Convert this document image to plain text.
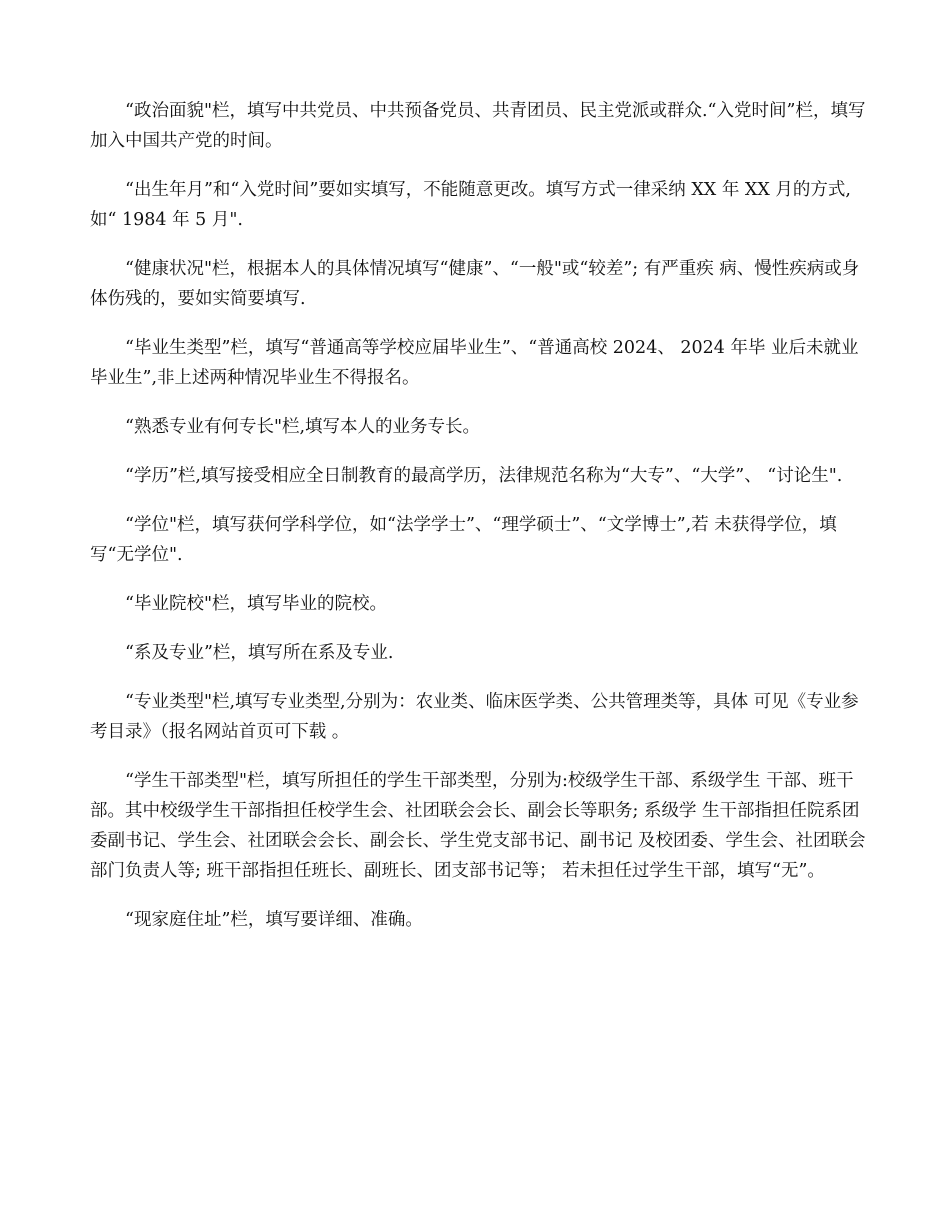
“政治面貌"栏，填写中共党员、中共预备党员、共青团员、民主党派或群众.“入党时间”栏，填写加入中国共产党的时间。

“出生年月”和“入党时间”要如实填写，不能随意更改。填写方式一律采纳 XX 年 XX 月的方式,如“ 1984 年 5 月".

“健康状况"栏，根据本人的具体情况填写“健康”、“一般"或“较差”; 有严重疾 病、慢性疾病或身体伤残的，要如实简要填写.

“毕业生类型”栏，填写“普通高等学校应届毕业生”、“普通高校 2024、 2024 年毕 业后未就业毕业生”,非上述两种情况毕业生不得报名。

“熟悉专业有何专长"栏,填写本人的业务专长。

“学历”栏,填写接受相应全日制教育的最高学历，法律规范名称为“大专”、“大学”、 “讨论生".

“学位"栏，填写获何学科学位，如“法学学士”、“理学硕士”、“文学博士”,若 未获得学位，填写“无学位".

“毕业院校"栏，填写毕业的院校。

“系及专业”栏，填写所在系及专业.

“专业类型"栏,填写专业类型,分别为：农业类、临床医学类、公共管理类等，具体 可见《专业参考目录》（报名网站首页可下载 。

“学生干部类型"栏，填写所担任的学生干部类型，分别为:校级学生干部、系级学生 干部、班干部。其中校级学生干部指担任校学生会、社团联会会长、副会长等职务; 系级学 生干部指担任院系团委副书记、学生会、社团联会会长、副会长、学生党支部书记、副书记 及校团委、学生会、社团联会部门负责人等; 班干部指担任班长、副班长、团支部书记等； 若未担任过学生干部，填写“无”。

“现家庭住址”栏，填写要详细、准确。
